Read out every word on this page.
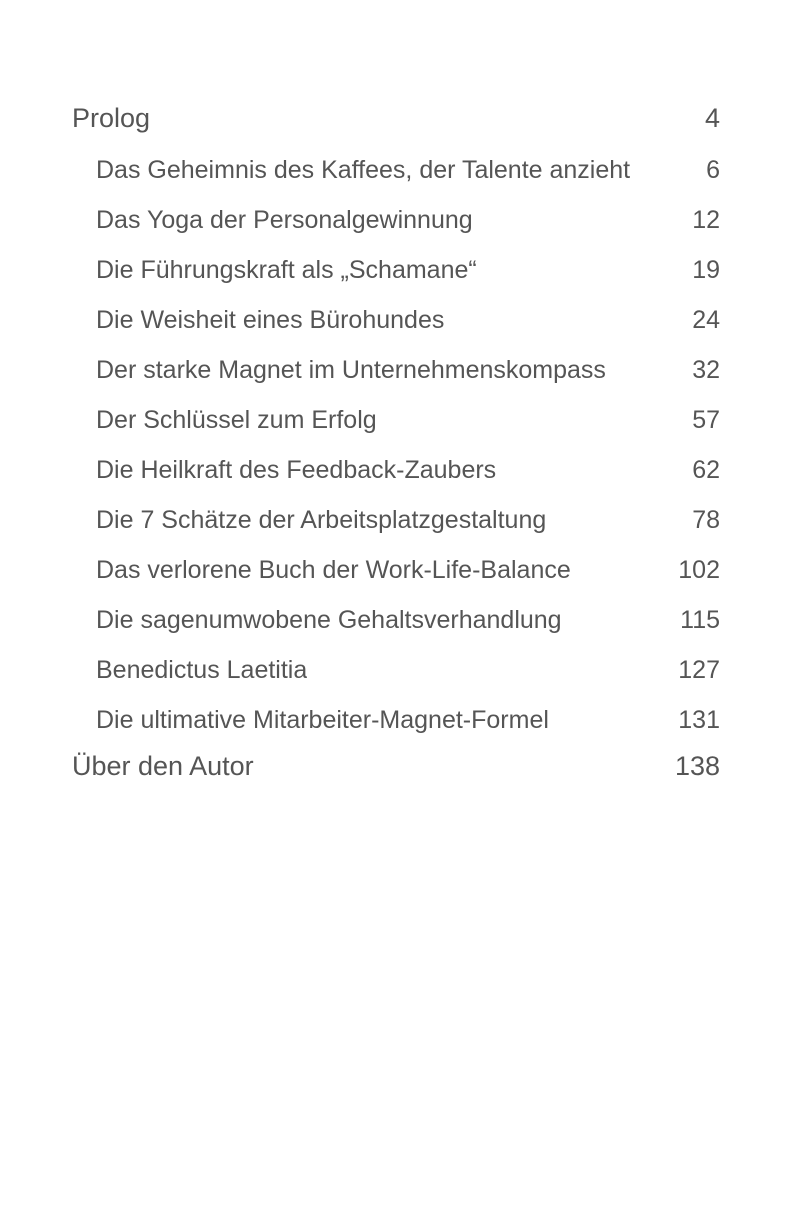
Prolog	4
Das Geheimnis des Kaffees, der Talente anzieht	6
Das Yoga der Personalgewinnung	12
Die Führungskraft als „Schamane“	19
Die Weisheit eines Bürohundes	24
Der starke Magnet im Unternehmenskompass	32
Der Schlüssel zum Erfolg	57
Die Heilkraft des Feedback-Zaubers	62
Die 7 Schätze der Arbeitsplatzgestaltung	78
Das verlorene Buch der Work-Life-Balance	102
Die sagenumwobene Gehaltsverhandlung	115
Benedictus Laetitia	127
Die ultimative Mitarbeiter-Magnet-Formel	131
Über den Autor	138
